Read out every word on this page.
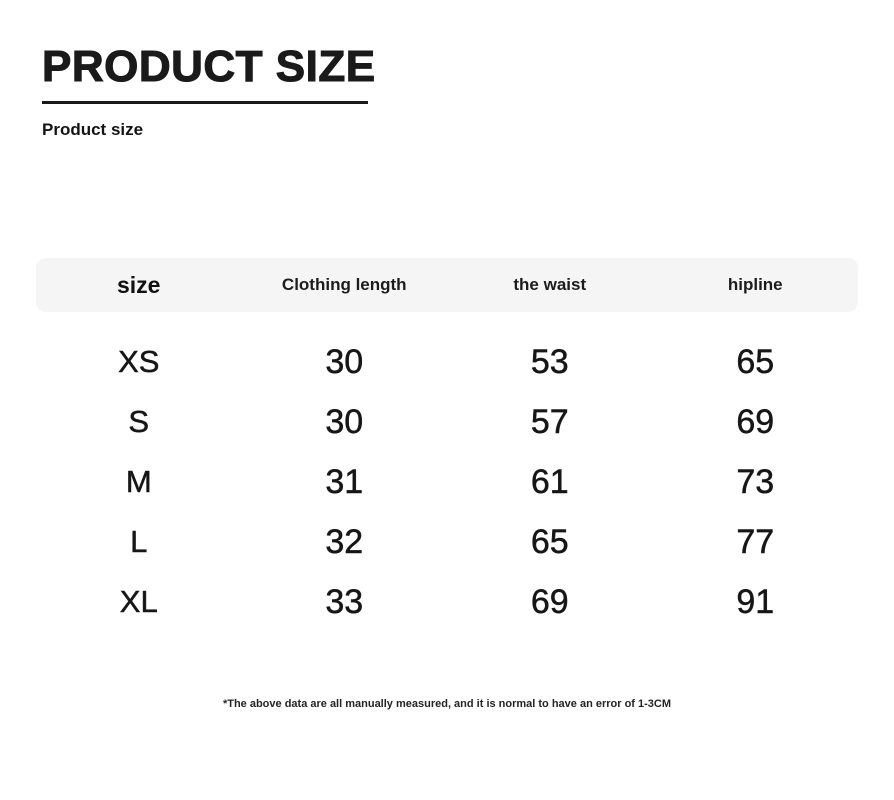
PRODUCT SIZE
Product size
size	Clothing length	the waist	hipline
XS	30	53	65
S	30	57	69
M	31	61	73
L	32	65	77
XL	33	69	91
*The above data are all manually measured, and it is normal to have an error of 1-3CM
